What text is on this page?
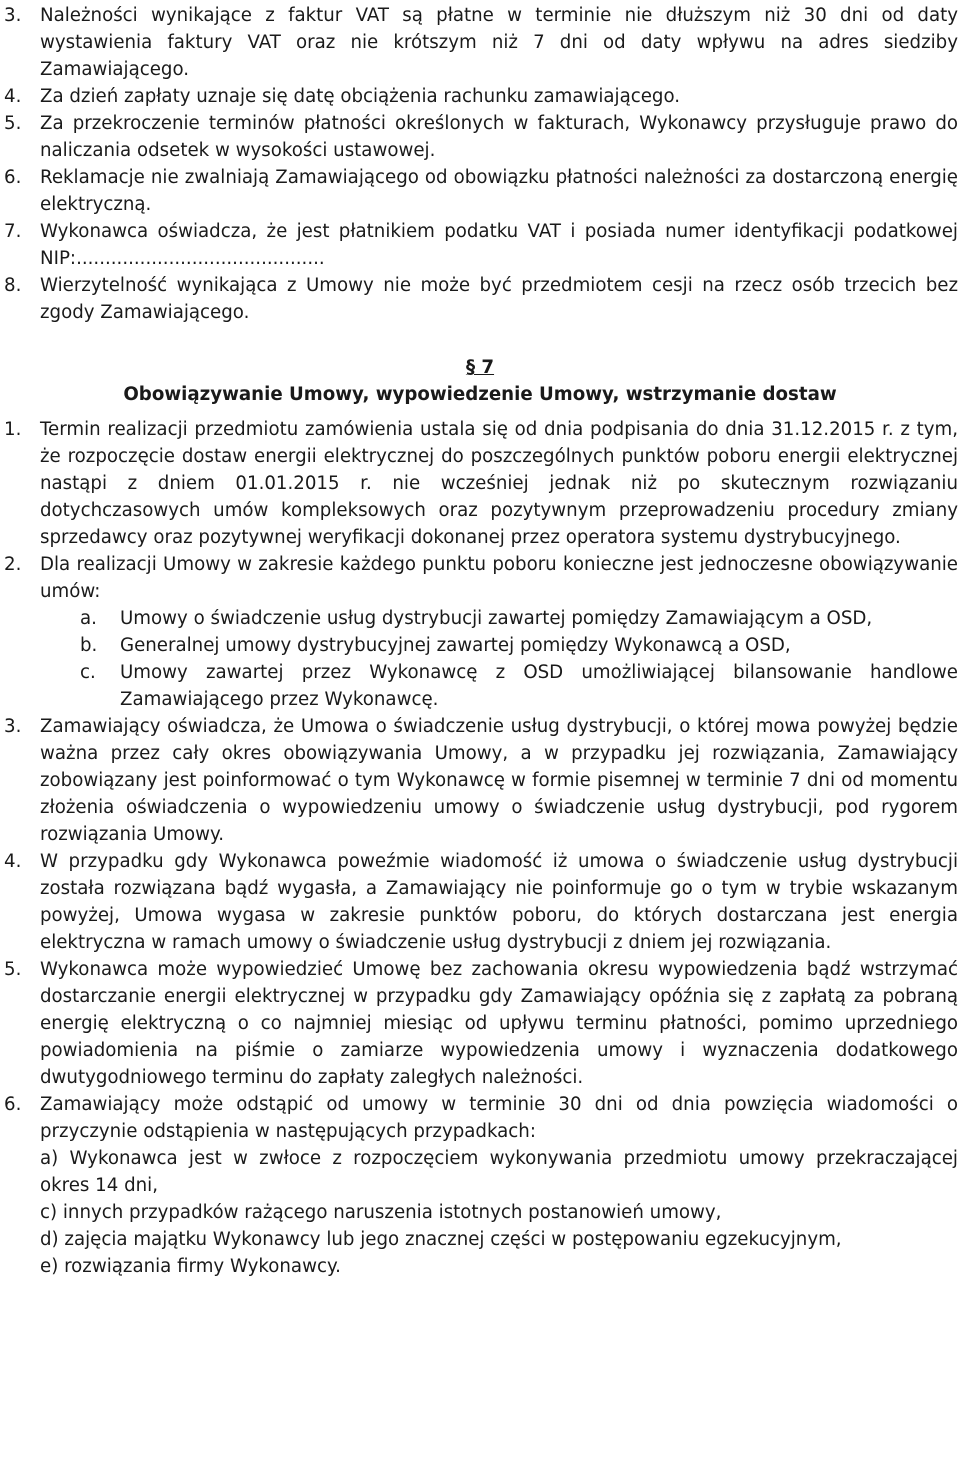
3.	Należności wynikające z faktur VAT są płatne w terminie nie dłuższym niż 30 dni od daty wystawienia faktury VAT oraz nie krótszym niż 7 dni od daty wpływu na adres siedziby Zamawiającego.
4.	Za dzień zapłaty uznaje się datę obciążenia rachunku zamawiającego.
5.	Za przekroczenie terminów płatności określonych w fakturach, Wykonawcy przysługuje prawo do naliczania odsetek w wysokości ustawowej.
6.	Reklamacje nie zwalniają Zamawiającego od obowiązku płatności należności za dostarczoną energię elektryczną.
7.	Wykonawca oświadcza, że jest płatnikiem podatku VAT i posiada numer identyfikacji podatkowej NIP:...........................................
8.	Wierzytelność wynikająca z Umowy nie może być przedmiotem cesji na rzecz osób trzecich bez zgody Zamawiającego.
§ 7
Obowiązywanie Umowy, wypowiedzenie Umowy, wstrzymanie dostaw
1.	Termin realizacji przedmiotu zamówienia ustala się od dnia podpisania do dnia 31.12.2015 r. z tym, że rozpoczęcie dostaw energii elektrycznej do poszczególnych punktów poboru energii elektrycznej nastąpi z dniem 01.01.2015 r. nie wcześniej jednak niż po skutecznym rozwiązaniu dotychczasowych umów kompleksowych oraz pozytywnym przeprowadzeniu procedury zmiany sprzedawcy oraz pozytywnej weryfikacji dokonanej przez operatora systemu dystrybucyjnego.
2.	Dla realizacji Umowy w zakresie każdego punktu poboru konieczne jest jednoczesne obowiązywanie umów:
a.	Umowy o świadczenie usług dystrybucji zawartej pomiędzy Zamawiającym a OSD,
b.	Generalnej umowy dystrybucyjnej zawartej pomiędzy Wykonawcą a OSD,
c.	Umowy zawartej przez Wykonawcę z OSD umożliwiającej bilansowanie handlowe Zamawiającego przez Wykonawcę.
3.	Zamawiający oświadcza, że Umowa o świadczenie usług dystrybucji, o której mowa powyżej będzie ważna przez cały okres obowiązywania Umowy, a w przypadku jej rozwiązania, Zamawiający zobowiązany jest poinformować o tym Wykonawcę w formie pisemnej w terminie 7 dni od momentu złożenia oświadczenia o wypowiedzeniu umowy o świadczenie usług dystrybucji, pod rygorem rozwiązania Umowy.
4.	W przypadku gdy Wykonawca poweźmie wiadomość iż umowa o świadczenie usług dystrybucji została rozwiązana bądź wygasła, a Zamawiający nie poinformuje go o tym w trybie wskazanym powyżej, Umowa wygasa w zakresie punktów poboru, do których dostarczana jest energia elektryczna w ramach umowy o świadczenie usług dystrybucji z dniem jej rozwiązania.
5.	Wykonawca może wypowiedzieć Umowę bez zachowania okresu wypowiedzenia bądź wstrzymać dostarczanie energii elektrycznej w przypadku gdy Zamawiający opóźnia się z zapłatą za pobraną energię elektryczną o co najmniej miesiąc od upływu terminu płatności, pomimo uprzedniego powiadomienia na piśmie o zamiarze wypowiedzenia umowy i wyznaczenia dodatkowego dwutygodniowego terminu do zapłaty zaległych należności.
6.	Zamawiający może odstąpić od umowy w terminie 30 dni od dnia powzięcia wiadomości o przyczynie odstąpienia w następujących przypadkach:
a) Wykonawca jest w zwłoce z rozpoczęciem wykonywania przedmiotu umowy przekraczającej okres 14 dni,
c) innych przypadków rażącego naruszenia istotnych postanowień umowy,
d) zajęcia majątku Wykonawcy lub jego znacznej części w postępowaniu egzekucyjnym,
e) rozwiązania firmy Wykonawcy.
